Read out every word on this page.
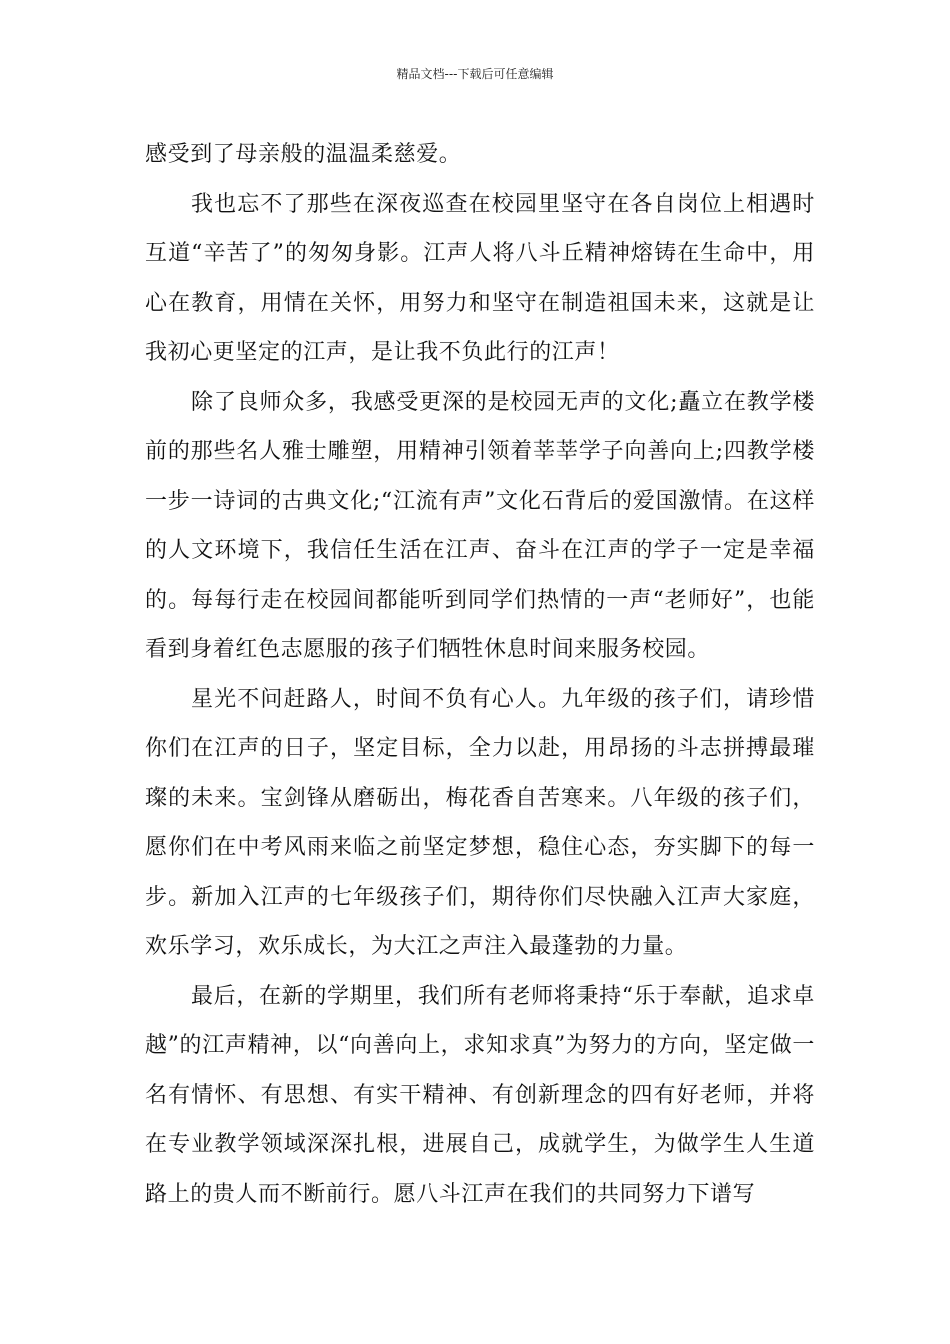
精品文档---下载后可任意编辑

感受到了母亲般的温温柔慈爱。

我也忘不了那些在深夜巡查在校园里坚守在各自岗位上相遇时互道“辛苦了”的匆匆身影。江声人将八斗丘精神熔铸在生命中，用心在教育，用情在关怀，用努力和坚守在制造祖国未来，这就是让我初心更坚定的江声，是让我不负此行的江声！

除了良师众多，我感受更深的是校园无声的文化;矗立在教学楼前的那些名人雅士雕塑，用精神引领着莘莘学子向善向上;四教学楼一步一诗词的古典文化;“江流有声”文化石背后的爱国激情。在这样的人文环境下，我信任生活在江声、奋斗在江声的学子一定是幸福的。每每行走在校园间都能听到同学们热情的一声“老师好”，也能看到身着红色志愿服的孩子们牺牲休息时间来服务校园。

星光不问赶路人，时间不负有心人。九年级的孩子们，请珍惜你们在江声的日子，坚定目标，全力以赴，用昂扬的斗志拼搏最璀璨的未来。宝剑锋从磨砺出，梅花香自苦寒来。八年级的孩子们，愿你们在中考风雨来临之前坚定梦想，稳住心态，夯实脚下的每一步。新加入江声的七年级孩子们，期待你们尽快融入江声大家庭，欢乐学习，欢乐成长，为大江之声注入最蓬勃的力量。

最后，在新的学期里，我们所有老师将秉持“乐于奉献，追求卓越”的江声精神，以“向善向上，求知求真”为努力的方向，坚定做一名有情怀、有思想、有实干精神、有创新理念的四有好老师，并将在专业教学领域深深扎根，进展自己，成就学生，为做学生人生道路上的贵人而不断前行。愿八斗江声在我们的共同努力下谱写
